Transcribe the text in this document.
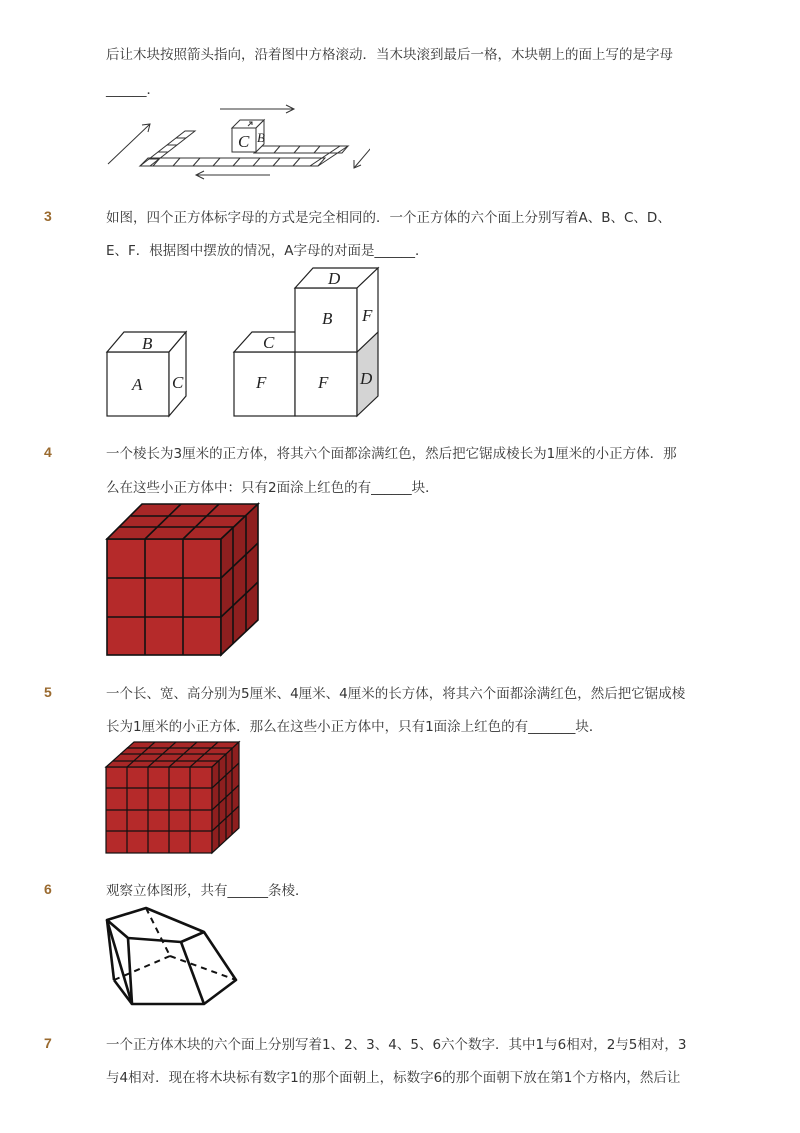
后让木块按照箭头指向，沿着图中方格滚动．当木块滚到最后一格，木块朝上的面上写的是字母
______．
C B
3	如图，四个正方体标字母的方式是完全相同的．一个正方体的六个面上分别写着A、B、C、D、
E、F．根据图中摆放的情况，A字母的对面是______．
B
A C
C
D
B F
F	F D
4	一个棱长为3厘米的正方体，将其六个面都涂满红色，然后把它锯成棱长为1厘米的小正方体．那
么在这些小正方体中：只有2面涂上红色的有______块．
5	一个长、宽、高分别为5厘米、4厘米、4厘米的长方体，将其六个面都涂满红色，然后把它锯成棱
长为1厘米的小正方体．那么在这些小正方体中，只有1面涂上红色的有_______块．
6	观察立体图形，共有______条棱．
7	一个正方体木块的六个面上分别写着1、2、3、4、5、6六个数字．其中1与6相对，2与5相对，3
与4相对．现在将木块标有数字1的那个面朝上，标数字6的那个面朝下放在第1个方格内，然后让
